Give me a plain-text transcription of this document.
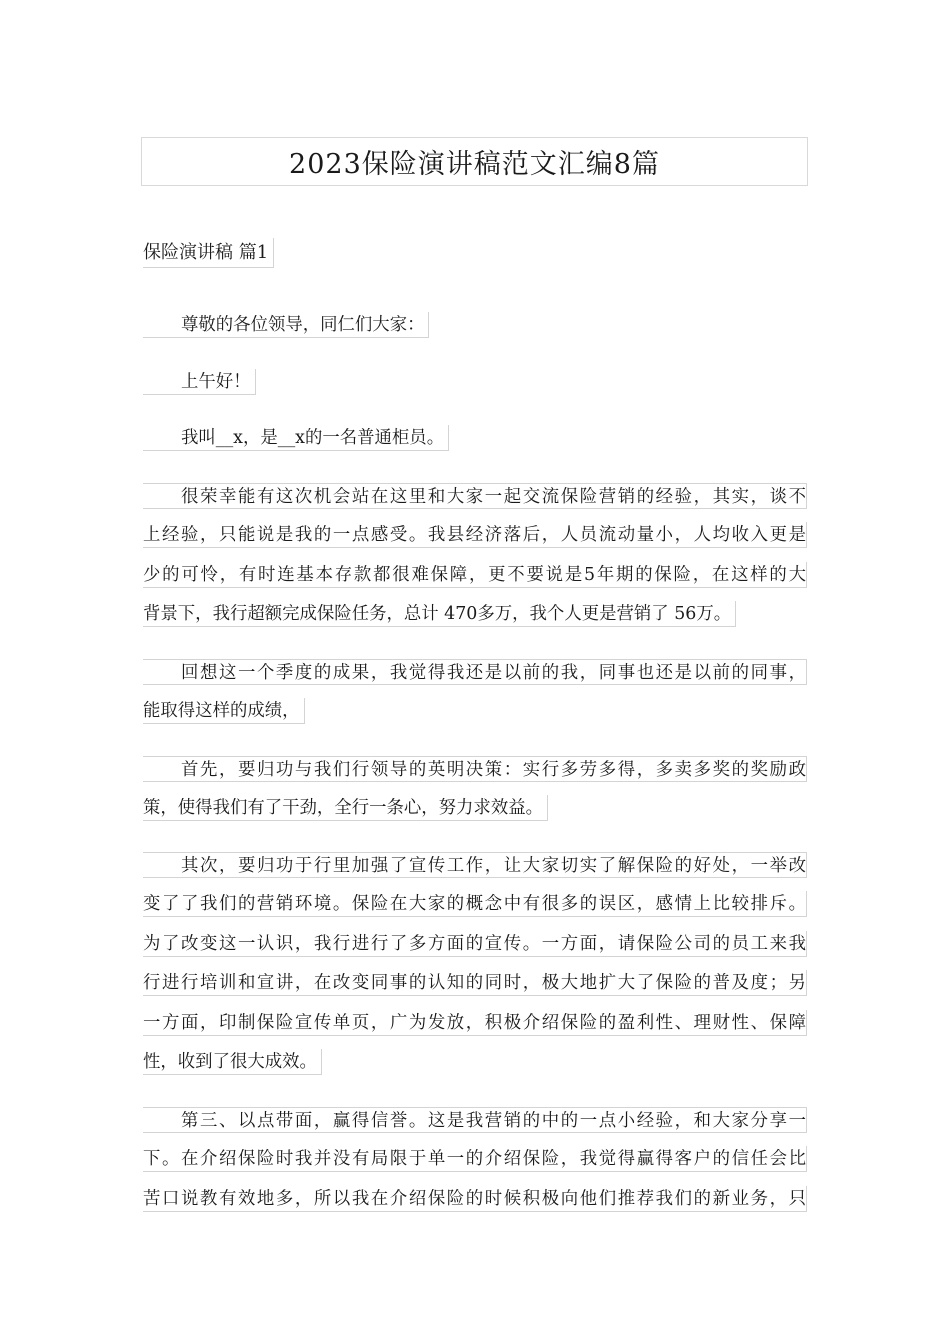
2023保险演讲稿范文汇编8篇
保险演讲稿 篇1
尊敬的各位领导，同仁们大家：
上午好！
我叫__x，是__x的一名普通柜员。
很荣幸能有这次机会站在这里和大家一起交流保险营销的经验，其实，谈不
上经验，只能说是我的一点感受。我县经济落后，人员流动量小，人均收入更是
少的可怜，有时连基本存款都很难保障，更不要说是5年期的保险，在这样的大
背景下，我行超额完成保险任务，总计 470多万，我个人更是营销了 56万。
回想这一个季度的成果，我觉得我还是以前的我，同事也还是以前的同事，
能取得这样的成绩，
首先，要归功与我们行领导的英明决策：实行多劳多得，多卖多奖的奖励政
策，使得我们有了干劲，全行一条心，努力求效益。
其次，要归功于行里加强了宣传工作，让大家切实了解保险的好处，一举改
变了了我们的营销环境。保险在大家的概念中有很多的误区，感情上比较排斥。
为了改变这一认识，我行进行了多方面的宣传。一方面，请保险公司的员工来我
行进行培训和宣讲，在改变同事的认知的同时，极大地扩大了保险的普及度；另
一方面，印制保险宣传单页，广为发放，积极介绍保险的盈利性、理财性、保障
性，收到了很大成效。
第三、以点带面，赢得信誉。这是我营销的中的一点小经验，和大家分享一
下。在介绍保险时我并没有局限于单一的介绍保险，我觉得赢得客户的信任会比
苦口说教有效地多，所以我在介绍保险的时候积极向他们推荐我们的新业务，只
